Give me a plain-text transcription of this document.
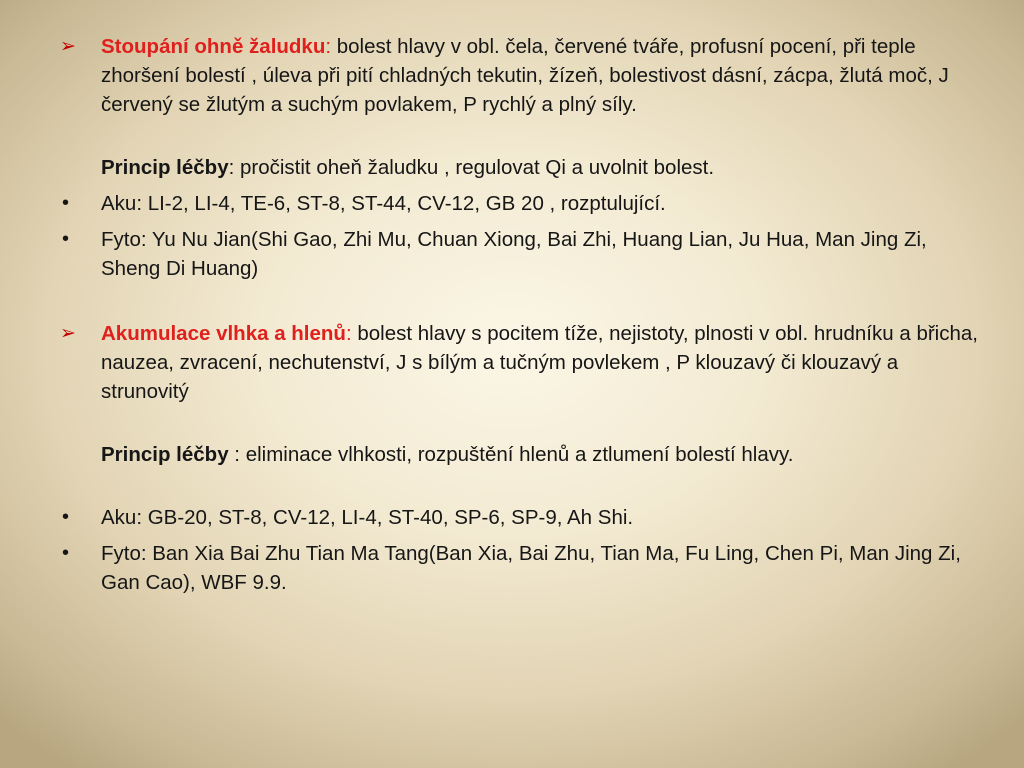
➢	Stoupání ohně žaludku: bolest hlavy v obl. čela, červené tváře, profusní pocení, při teple zhoršení bolestí , úleva při pití chladných tekutin, žízeň, bolestivost dásní, zácpa, žlutá moč, J červený se žlutým a suchým povlakem, P rychlý a plný síly.
Princip léčby: pročistit oheň žaludku , regulovat Qi a uvolnit bolest.
•	Aku: LI-2, LI-4, TE-6, ST-8, ST-44, CV-12, GB 20 , rozptulující.
•	Fyto: Yu Nu Jian(Shi Gao, Zhi Mu, Chuan Xiong, Bai Zhi, Huang Lian, Ju Hua, Man Jing Zi, Sheng Di Huang)
➢	Akumulace vlhka a hlenů: bolest hlavy s pocitem tíže, nejistoty, plnosti v obl. hrudníku a břicha, nauzea, zvracení, nechutenství, J s bílým a tučným povlekem , P klouzavý či klouzavý a strunovitý
Princip léčby : eliminace vlhkosti, rozpuštění hlenů a ztlumení bolestí hlavy.
•	Aku: GB-20, ST-8, CV-12, LI-4, ST-40, SP-6, SP-9, Ah Shi.
•	Fyto: Ban Xia Bai Zhu Tian Ma Tang(Ban Xia, Bai Zhu, Tian Ma, Fu Ling, Chen Pi, Man Jing Zi, Gan Cao), WBF 9.9.
